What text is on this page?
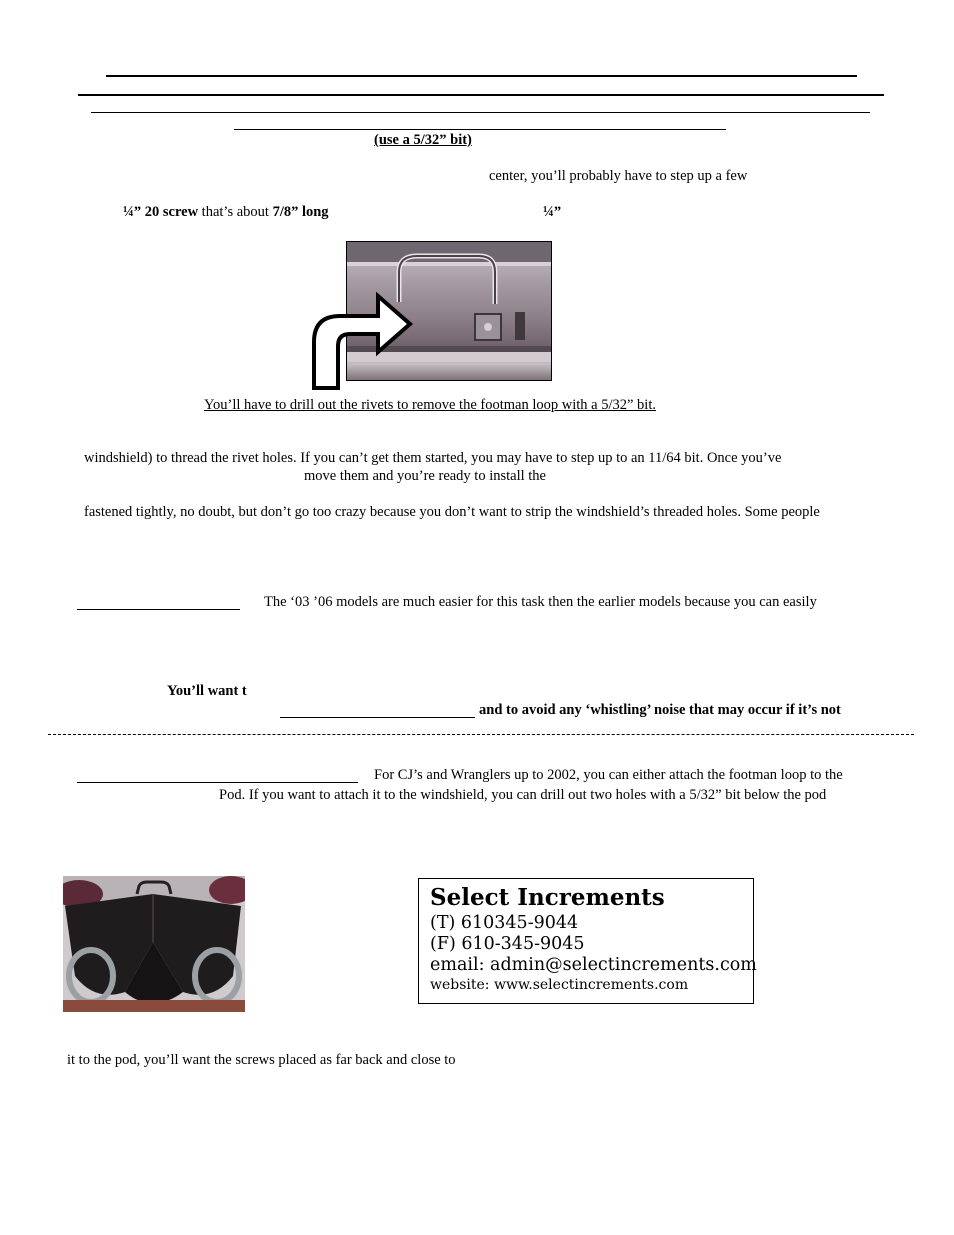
(use a 5/32” bit)
center, you’ll probably have to step up a few
¼” 20 screw that’s about 7/8” long	¼”
You’ll have to drill out the rivets to remove the footman loop with a 5/32” bit.
windshield) to thread the rivet holes. If you can’t get them started, you may have to step up to an 11/64 bit. Once you’ve
move them and you’re ready to install the
fastened tightly, no doubt, but don’t go too crazy because you don’t want to strip the windshield’s threaded holes. Some people
The ‘03 ’06 models are much easier for this task then the earlier models because you can easily
You’ll want t
and to avoid any ‘whistling’ noise that may occur if it’s not
For CJ’s and Wranglers up to 2002, you can either attach the footman loop to the
Pod. If you want to attach it to the windshield, you can drill out two holes with a 5/32” bit below the pod
Select Increments
(T) 610345-9044
(F) 610-345-9045
email: admin@selectincrements.com
website: www.selectincrements.com
it to the pod, you’ll want the screws placed as far back and close to
